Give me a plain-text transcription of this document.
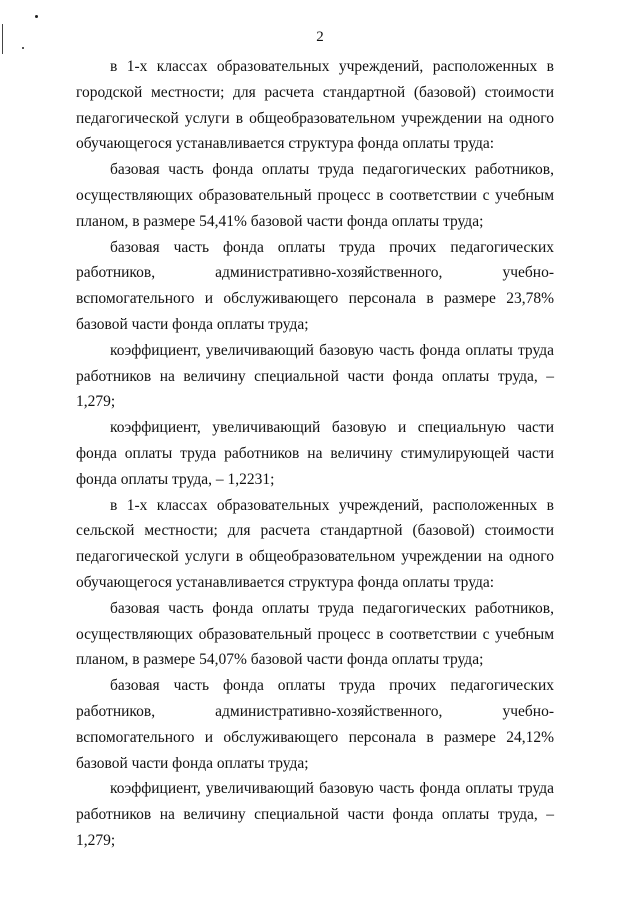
2

в 1-х классах образовательных учреждений, расположенных в городской местности; для расчета стандартной (базовой) стоимости педагогической услуги в общеобразовательном учреждении на одного обучающегося устанавливается структура фонда оплаты труда:

базовая часть фонда оплаты труда педагогических работников, осуществляющих образовательный процесс в соответствии с учебным планом, в размере 54,41% базовой части фонда оплаты труда;

базовая часть фонда оплаты труда прочих педагогических работников, административно-хозяйственного, учебно-вспомогательного и обслуживающего персонала в размере 23,78% базовой части фонда оплаты труда;

коэффициент, увеличивающий базовую часть фонда оплаты труда работников на величину специальной части фонда оплаты труда, – 1,279;

коэффициент, увеличивающий базовую и специальную части фонда оплаты труда работников на величину стимулирующей части фонда оплаты труда, – 1,2231;

в 1-х классах образовательных учреждений, расположенных в сельской местности; для расчета стандартной (базовой) стоимости педагогической услуги в общеобразовательном учреждении на одного обучающегося устанавливается структура фонда оплаты труда:

базовая часть фонда оплаты труда педагогических работников, осуществляющих образовательный процесс в соответствии с учебным планом, в размере 54,07% базовой части фонда оплаты труда;

базовая часть фонда оплаты труда прочих педагогических работников, административно-хозяйственного, учебно-вспомогательного и обслуживающего персонала в размере 24,12% базовой части фонда оплаты труда;

коэффициент, увеличивающий базовую часть фонда оплаты труда работников на величину специальной части фонда оплаты труда, – 1,279;
